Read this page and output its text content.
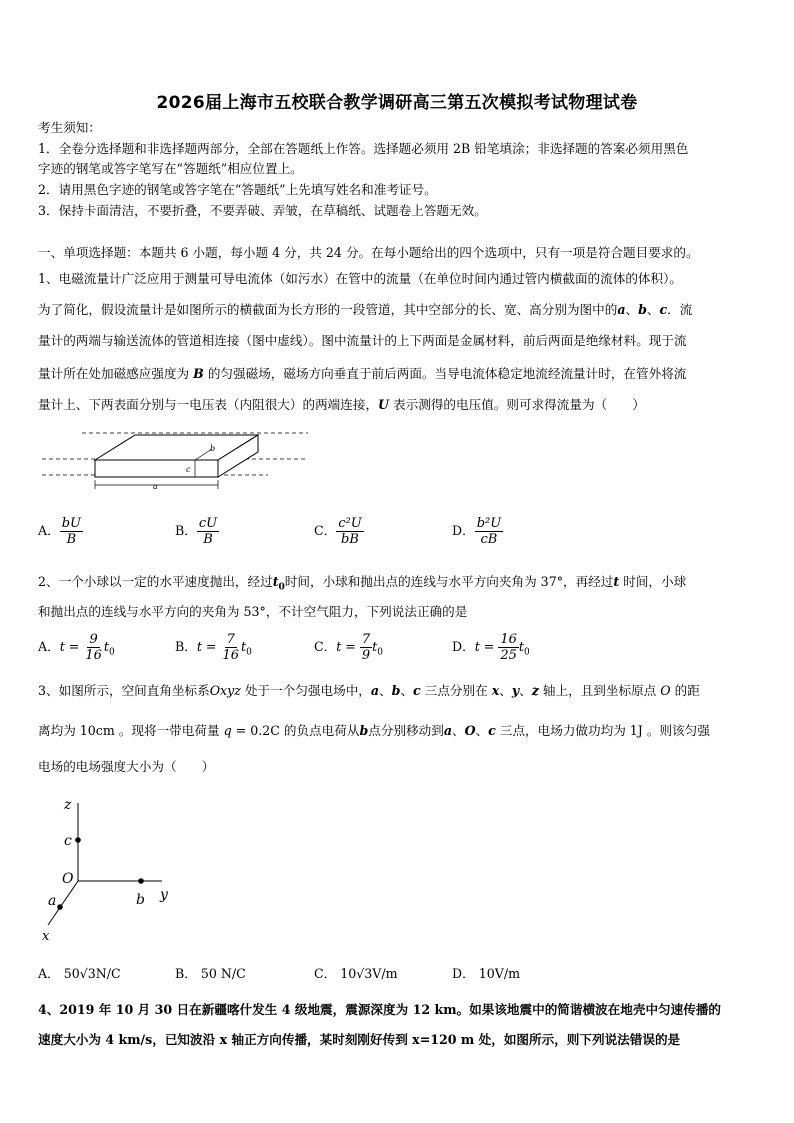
2026届上海市五校联合教学调研高三第五次模拟考试物理试卷
考生须知：
1．全卷分选择题和非选择题两部分，全部在答题纸上作答。选择题必须用 2B 铅笔填涂；非选择题的答案必须用黑色
字迹的钢笔或答字笔写在“答题纸”相应位置上。
2．请用黑色字迹的钢笔或答字笔在“答题纸”上先填写姓名和准考证号。
3．保持卡面清洁，不要折叠，不要弄破、弄皱，在草稿纸、试题卷上答题无效。
一、单项选择题：本题共 6 小题，每小题 4 分，共 24 分。在每小题给出的四个选项中，只有一项是符合题目要求的。
1、电磁流量计广泛应用于测量可导电流体（如污水）在管中的流量（在单位时间内通过管内横截面的流体的体积）。
为了简化，假设流量计是如图所示的横截面为长方形的一段管道，其中空部分的长、宽、高分别为图中的a、b、c．流
量计的两端与输送流体的管道相连接（图中虚线）。图中流量计的上下两面是金属材料，前后两面是绝缘材料。现于流
量计所在处加磁感应强度为 B 的匀强磁场，磁场方向垂直于前后两面。当导电流体稳定地流经流量计时，在管外将流
量计上、下两表面分别与一电压表（内阻很大）的两端连接，U 表示测得的电压值。则可求得流量为（　　）
b
c
a
A． $\frac{bU}{B}$	B． $\frac{cU}{B}$	C． $\frac{\text{c²U}}{bB}$	D． $\frac{\text{b²U}}{cB}$
2、一个小球以一定的水平速度抛出，经过$t_0$时间，小球和抛出点的连线与水平方向夹角为 37°，再经过t 时间，小球
和抛出点的连线与水平方向的夹角为 53°，不计空气阻力，下列说法正确的是
A．$t = \frac{9}{16} t_0$	B．$t = \frac{7}{16} t_0$	C．$t = \frac{7}{9} t_0$	D．$t = \frac{16}{25} t_0$
3、如图所示，空间直角坐标系Oxyz 处于一个匀强电场中，a、b、c 三点分别在 x、y、z 轴上，且到坐标原点 O 的距
离均为 10cm 。现将一带电荷量 q = 0.2C 的负点电荷从b点分别移动到a、O、c 三点，电场力做功均为 1J 。则该匀强
电场的电场强度大小为（　　）
z
c
O
b y
a
x
A． 50√3N/C	B． 50 N/C	C． 10√3V/m	D． 10V/m
4、2019 年 10 月 30 日在新疆喀什发生 4 级地震，震源深度为 12 km。如果该地震中的简谐横波在地壳中匀速传播的
速度大小为 4 km/s，已知波沿 x 轴正方向传播，某时刻刚好传到 x=120 m 处，如图所示，则下列说法错误的是
